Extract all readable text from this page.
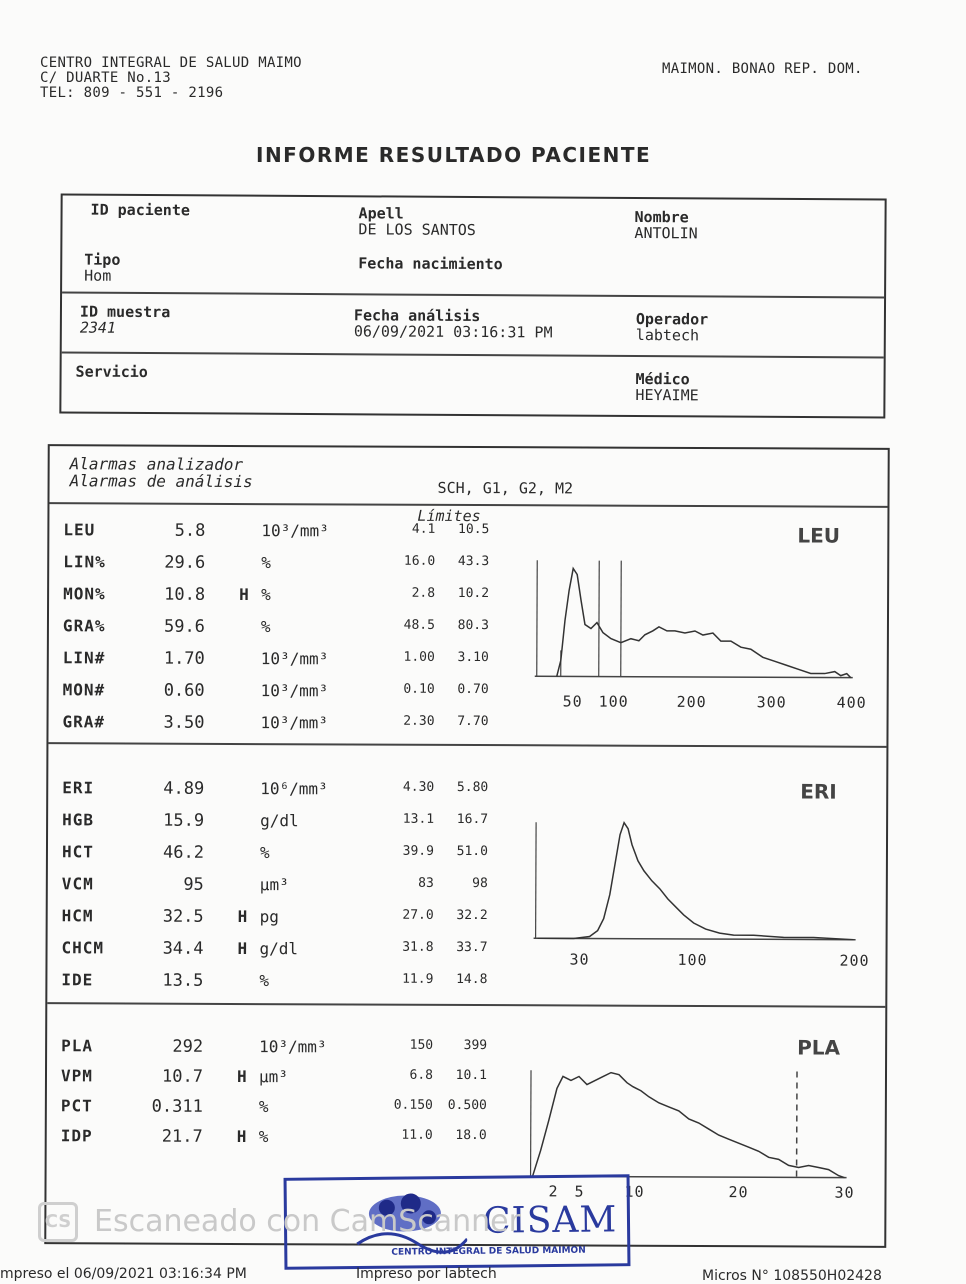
CENTRO INTEGRAL DE SALUD MAIMO
C/ DUARTE No.13
TEL: 809 - 551 - 2196
MAIMON. BONAO REP. DOM.
INFORME RESULTADO PACIENTE
ID paciente	Apell
DE LOS SANTOS
Nombre
ANTOLIN
Tipo
Hom
Fecha nacimiento
ID muestra
2341
Fecha análisis
06/09/2021 03:16:31 PM
Operador
labtech
Servicio	Médico
HEYAIME
Alarmas analizador
Alarmas de análisis	SCH, G1, G2, M2
Límites
LEU	5.8	10³/mm³	4.1	10.5
LIN%	29.6	%	16.0	43.3
MON%	10.8 H %	2.8	10.2
GRA%	59.6	%	48.5	80.3
LIN#	1.70	10³/mm³	1.00	3.10
MON#	0.60	10³/mm³	0.10	0.70
GRA#	3.50	10³/mm³	2.30	7.70
LEU
50 100	200	300	400
ERI	4.89	10⁶/mm³	4.30	5.80
HGB	15.9	g/dl	13.1	16.7
HCT	46.2	%	39.9	51.0
VCM	95	µm³	83	98
HCM	32.5 H pg	27.0	32.2
CHCM	34.4 H g/dl	31.8	33.7
IDE	13.5	%	11.9	14.8
ERI
30	100	200
PLA	292	10³/mm³	150	399
VPM	10.7 H µm³	6.8	10.1
PCT	0.311	%	0.150 0.500
IDP	21.7 H %	11.0	18.0
PLA
2 5	10	20	30
CISAM
CENTRO INTEGRAL DE SALUD MAIMON
CS Escaneado con CamScanner
mpreso el 06/09/2021 03:16:34 PM	Impreso por labtech	Micros N° 108550H02428
